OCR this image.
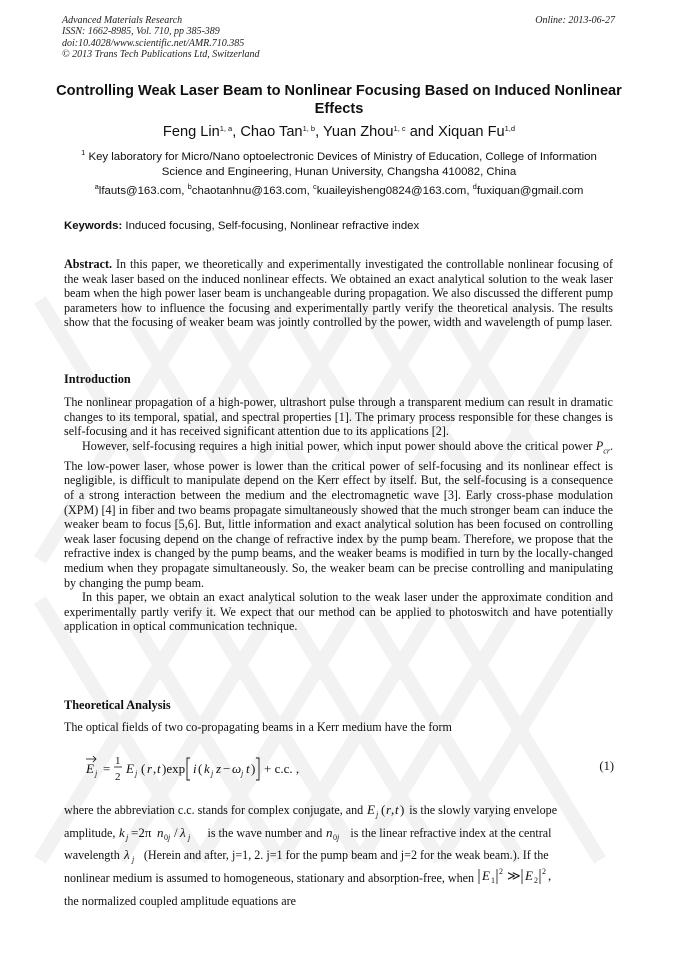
Advanced Materials Research
ISSN: 1662-8985, Vol. 710, pp 385-389
doi:10.4028/www.scientific.net/AMR.710.385
© 2013 Trans Tech Publications Ltd, Switzerland
Online: 2013-06-27
Controlling Weak Laser Beam to Nonlinear Focusing Based on Induced Nonlinear Effects
Feng Lin$^{1, a}$, Chao Tan$^{1, b}$, Yuan Zhou$^{1, c}$ and Xiquan Fu$^{1,d}$
$^1$ Key laboratory for Micro/Nano optoelectronic Devices of Ministry of Education, College of Information Science and Engineering, Hunan University, Changsha 410082, China
$^a$lfauts@163.com, $^b$chaotanhnu@163.com, $^c$kuaileyisheng0824@163.com, $^d$fuxiquan@gmail.com
Keywords: Induced focusing, Self-focusing, Nonlinear refractive index

Abstract. In this paper, we theoretically and experimentally investigated the controllable nonlinear focusing of the weak laser based on the induced nonlinear effects. We obtained an exact analytical solution to the weak laser beam when the high power laser beam is unchangeable during propagation. We also discussed the different pump parameters how to influence the focusing and experimentally partly verify the theoretical analysis. The results show that the focusing of weaker beam was jointly controlled by the power, width and wavelength of pump laser.

Introduction

The nonlinear propagation of a high-power, ultrashort pulse through a transparent medium can result in dramatic changes to its temporal, spatial, and spectral properties [1]. The primary process responsible for these changes is self-focusing and it has received significant attention due to its applications [2].

However, self-focusing requires a high initial power, which input power should above the critical power $P_{cr}$. The low-power laser, whose power is lower than the critical power of self-focusing and its nonlinear effect is negligible, is difficult to manipulate depend on the Kerr effect by itself. But, the self-focusing is a consequence of a strong interaction between the medium and the electromagnetic wave [3]. Early cross-phase modulation (XPM) [4] in fiber and two beams propagate simultaneously showed that the much stronger beam can induce the weaker beam to focus [5,6]. But, little information and exact analytical solution has been focused on controlling weak laser focusing depend on the change of refractive index by the pump beam. Therefore, we propose that the refractive index is changed by the pump beams, and the weaker beams is modified in turn by the locally-changed medium when they propagate simultaneously. So, the weaker beam can be precise controlling and manipulating by changing the pump beam.

In this paper, we obtain an exact analytical solution to the weak laser under the approximate condition and experimentally partly verify it. We expect that our method can be applied to photoswitch and have potentially application in optical communication technique.

Theoretical Analysis
The optical fields of two co-propagating beams in a Kerr medium have the form
E j = 1
2
E j ( r , t )exp i ( k j z − ω j t ) + c.c. ,	(1)

where the abbreviation c.c. stands for complex conjugate, and E j ( r , t ) is the slowly varying envelope

amplitude, k j =2π n 0 j / λ j is the wave number and n 0 j is the linear refractive index at the central

wavelength λ j (Herein and after, j=1, 2. j=1 for the pump beam and j=2 for the weak beam.). If the

nonlinear medium is assumed to homogeneous, stationary and absorption-free, when E 1
2 ≫ E 2
2 ,

the normalized coupled amplitude equations are
